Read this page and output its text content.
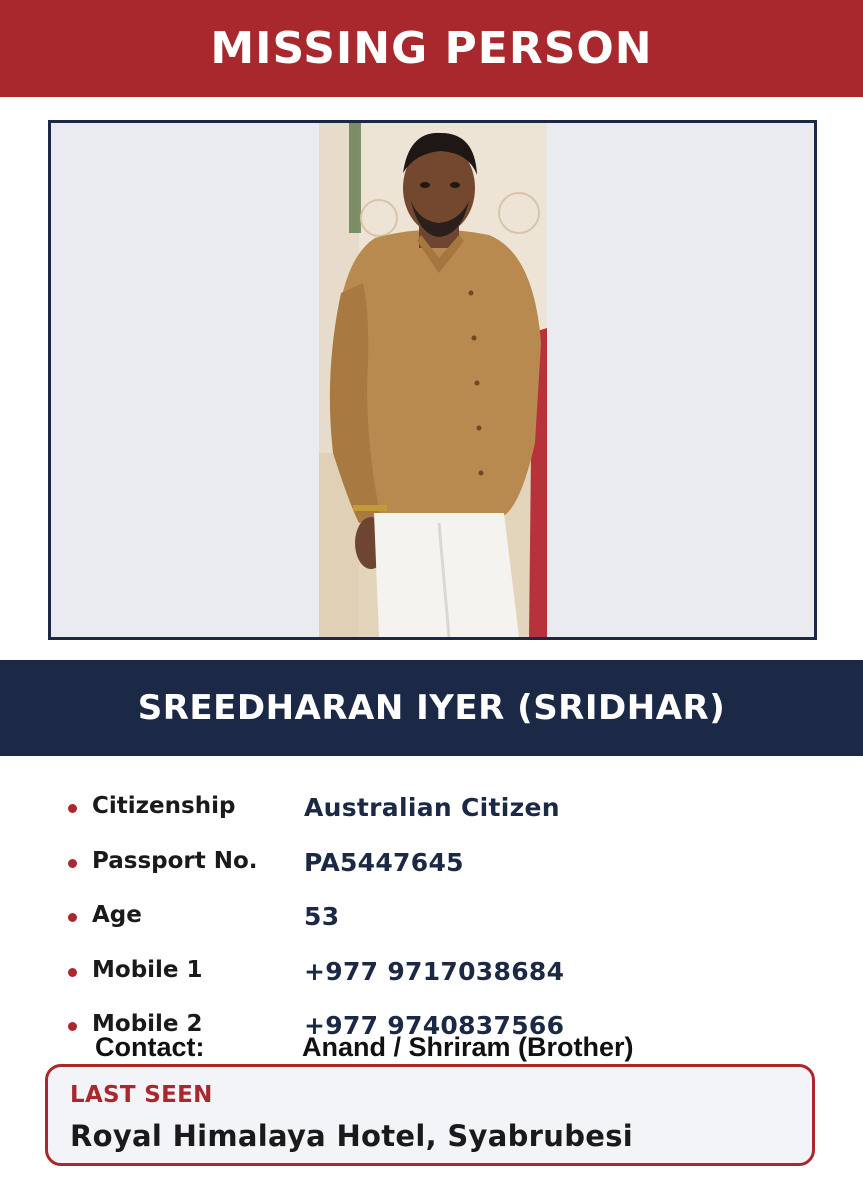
MISSING PERSON
SREEDHARAN IYER (SRIDHAR)
Citizenship	Australian Citizen
Passport No. PA5447645
Age	53
Mobile 1	+977 9717038684
Mobile 2	+977 9740837566
Contact:	Anand / Shriram (Brother)
LAST SEEN
Royal Himalaya Hotel, Syabrubesi
